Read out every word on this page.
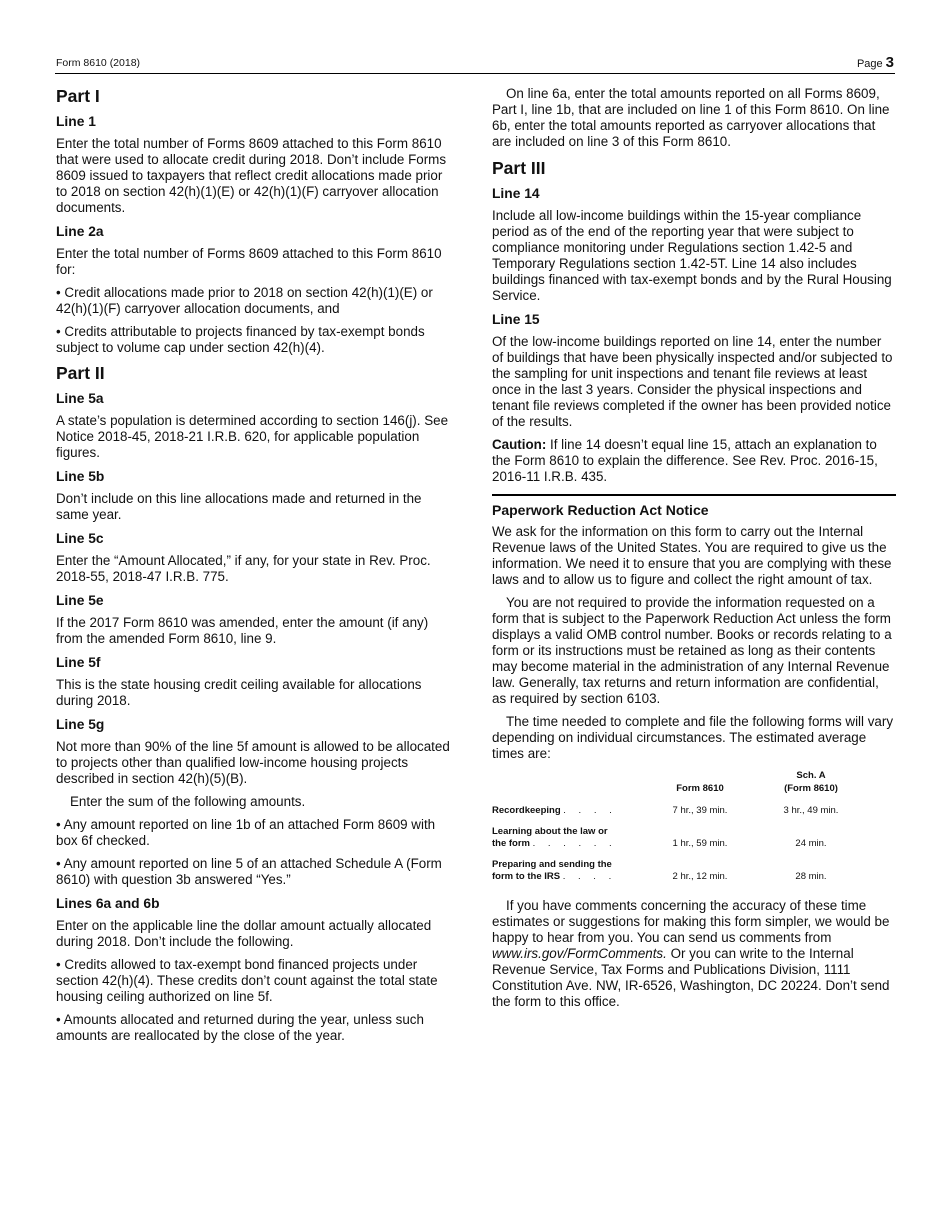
Form 8610 (2018)	Page 3
Part I
Line 1

Enter the total number of Forms 8609 attached to this Form 8610 that were used to allocate credit during 2018. Don’t include Forms 8609 issued to taxpayers that reflect credit allocations made prior to 2018 on section 42(h)(1)(E) or 42(h)(1)(F) carryover allocation documents.

Line 2a

Enter the total number of Forms 8609 attached to this Form 8610 for:

• Credit allocations made prior to 2018 on section 42(h)(1)(E) or 42(h)(1)(F) carryover allocation documents, and

• Credits attributable to projects financed by tax-exempt bonds subject to volume cap under section 42(h)(4).

Part II
Line 5a

A state’s population is determined according to section 146(j). See Notice 2018-45, 2018-21 I.R.B. 620, for applicable population figures.

Line 5b

Don’t include on this line allocations made and returned in the same year.

Line 5c

Enter the “Amount Allocated,” if any, for your state in Rev. Proc. 2018-55, 2018-47 I.R.B. 775.

Line 5e

If the 2017 Form 8610 was amended, enter the amount (if any) from the amended Form 8610, line 9.

Line 5f

This is the state housing credit ceiling available for allocations during 2018.

Line 5g

Not more than 90% of the line 5f amount is allowed to be allocated to projects other than qualified low-income housing projects described in section 42(h)(5)(B).

Enter the sum of the following amounts.

• Any amount reported on line 1b of an attached Form 8609 with box 6f checked.

• Any amount reported on line 5 of an attached Schedule A (Form 8610) with question 3b answered “Yes.”

Lines 6a and 6b

Enter on the applicable line the dollar amount actually allocated during 2018. Don’t include the following.

• Credits allowed to tax-exempt bond financed projects under section 42(h)(4). These credits don’t count against the total state housing ceiling authorized on line 5f.

• Amounts allocated and returned during the year, unless such amounts are reallocated by the close of the year.

On line 6a, enter the total amounts reported on all Forms 8609, Part I, line 1b, that are included on line 1 of this Form 8610. On line 6b, enter the total amounts reported as carryover allocations that are included on line 3 of this Form 8610.

Part III
Line 14

Include all low-income buildings within the 15-year compliance period as of the end of the reporting year that were subject to compliance monitoring under Regulations section 1.42-5 and Temporary Regulations section 1.42-5T. Line 14 also includes buildings financed with tax-exempt bonds and by the Rural Housing Service.

Line 15

Of the low-income buildings reported on line 14, enter the number of buildings that have been physically inspected and/or subjected to the sampling for unit inspections and tenant file reviews at least once in the last 3 years. Consider the physical inspections and tenant file reviews completed if the owner has been provided notice of the results.

Caution: If line 14 doesn’t equal line 15, attach an explanation to the Form 8610 to explain the difference. See Rev. Proc. 2016-15, 2016-11 I.R.B. 435.

Paperwork Reduction Act Notice

We ask for the information on this form to carry out the Internal Revenue laws of the United States. You are required to give us the information. We need it to ensure that you are complying with these laws and to allow us to figure and collect the right amount of tax.

You are not required to provide the information requested on a form that is subject to the Paperwork Reduction Act unless the form displays a valid OMB control number. Books or records relating to a form or its instructions must be retained as long as their contents may become material in the administration of any Internal Revenue law. Generally, tax returns and return information are confidential, as required by section 6103.

The time needed to complete and file the following forms will vary depending on individual circumstances. The estimated average times are:

	Form 8610	Sch. A
(Form 8610)

Recordkeeping . . . .	7 hr., 39 min.	3 hr., 49 min.

Learning about the law or
the form . . . . . .	1 hr., 59 min.	24 min.

Preparing and sending the
form to the IRS . . . .	2 hr., 12 min.	28 min.

If you have comments concerning the accuracy of these time estimates or suggestions for making this form simpler, we would be happy to hear from you. You can send us comments from www.irs.gov/FormComments. Or you can write to the Internal Revenue Service, Tax Forms and Publications Division, 1111 Constitution Ave. NW, IR-6526, Washington, DC 20224. Don’t send the form to this office.
